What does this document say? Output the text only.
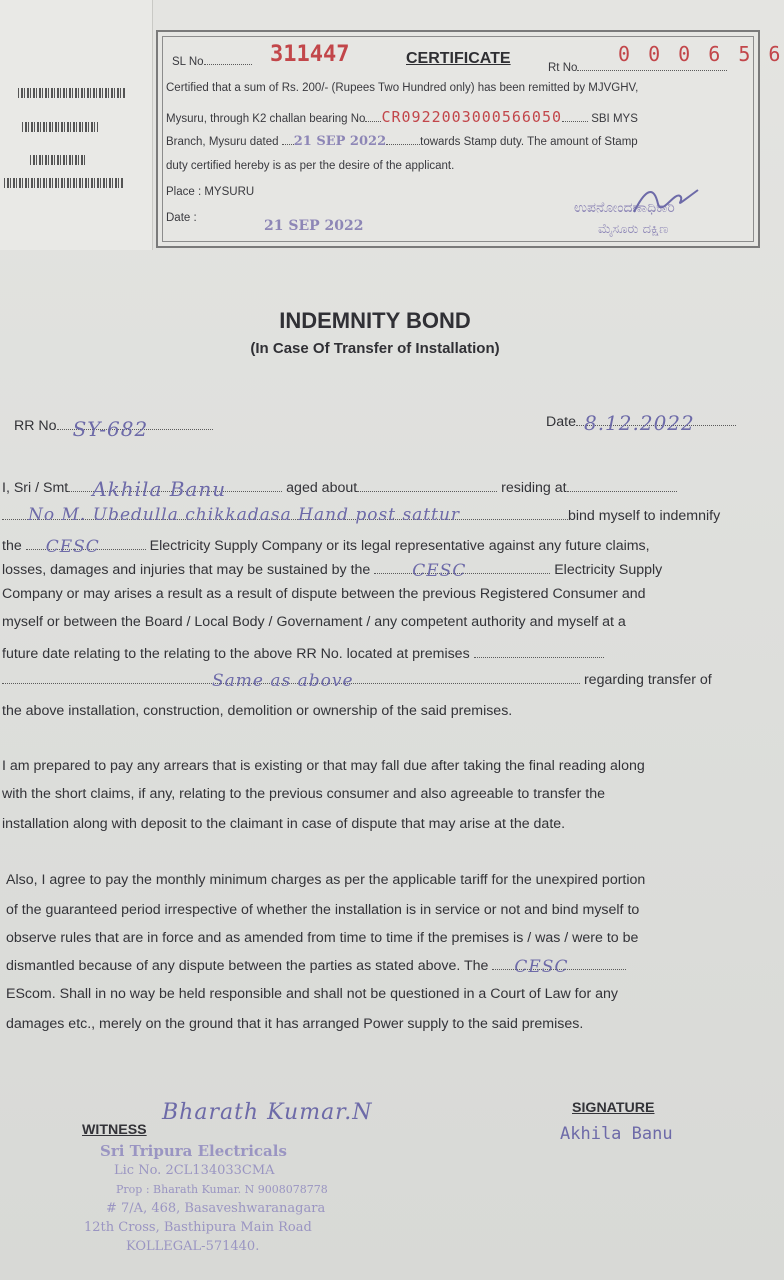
SL No	311447	CERTIFICATE
Rt No
0 0 0 6 5 6
Certified that a sum of Rs. 200/- (Rupees Two Hundred only) has been remitted by MJVGHV,
Mysuru, through K2 challan bearing No CR0922003000566050	SBI MYS
Branch, Mysuru dated 21 SEP 2022	towards Stamp duty. The amount of Stamp
duty certified hereby is as per the desire of the applicant.
Place : MYSURU
Date :	21 SEP 2022
ಉಪನೋಂದಣಾಧಿಕಾರಿ
ಮೈಸೂರು ದಕ್ಷಿಣ
INDEMNITY BOND
(In Case Of Transfer of Installation)
RR No SY-682	Date 8.12.2022
I, Sri / Smt Akhila Banu	aged about	residing at
No M. Ubedulla chikkadasa Hand post sattur	bind myself to indemnify
the CESC	Electricity Supply Company or its legal representative against any future claims,
losses, damages and injuries that may be sustained by the CESC	Electricity Supply
Company or may arises a result as a result of dispute between the previous Registered Consumer and
myself or between the Board / Local Body / Governament / any competent authority and myself at a
future date relating to the relating to the above RR No. located at premises
Same as above	regarding transfer of
the above installation, construction, demolition or ownership of the said premises.
I am prepared to pay any arrears that is existing or that may fall due after taking the final reading along
with the short claims, if any, relating to the previous consumer and also agreeable to transfer the
installation along with deposit to the claimant in case of dispute that may arise at the date.
Also, I agree to pay the monthly minimum charges as per the applicable tariff for the unexpired portion
of the guaranteed period irrespective of whether the installation is in service or not and bind myself to
observe rules that are in force and as amended from time to time if the premises is / was / were to be
dismantled because of any dispute between the parties as stated above. The CESC
EScom. Shall in no way be held responsible and shall not be questioned in a Court of Law for any
damages etc., merely on the ground that it has arranged Power supply to the said premises.
WITNESS
Bharath Kumar.N
Sri Tripura Electricals
Lic No. 2CL134033CMA
Prop : Bharath Kumar. N 9008078778
# 7/A, 468, Basaveshwaranagara
12th Cross, Basthipura Main Road
KOLLEGAL-571440.
SIGNATURE
Akhila Banu
